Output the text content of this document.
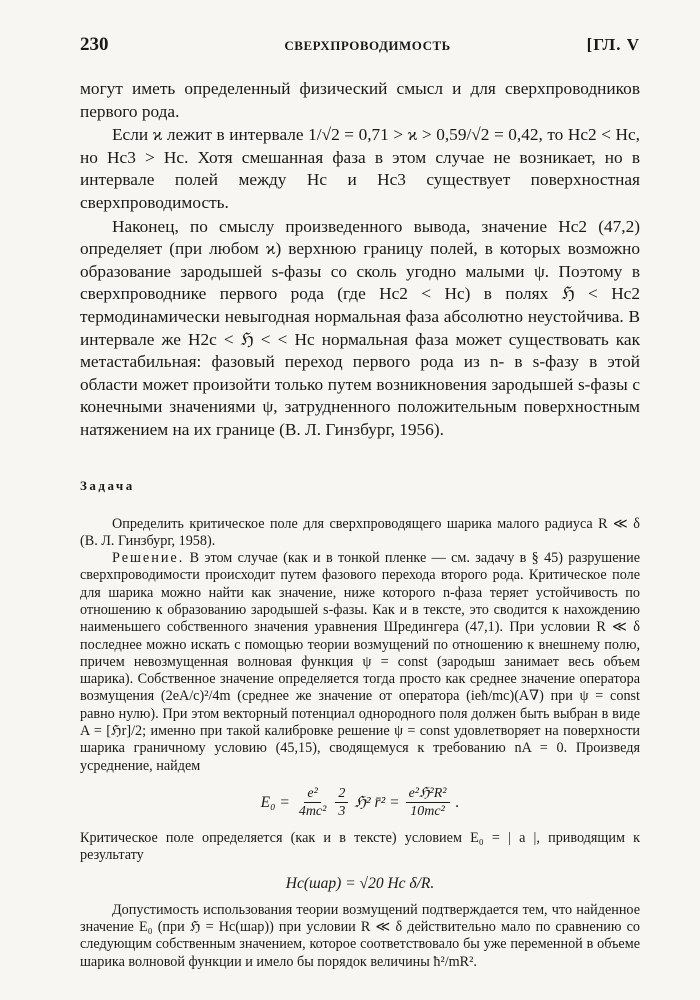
230	СВЕРХПРОВОДИМОСТЬ	[ГЛ. V

могут иметь определенный физический смысл и для сверхпроводников первого рода.

Если ϰ лежит в интервале 1/√2 = 0,71 > ϰ > 0,59/√2 = 0,42, то Hc2 < Hc, но Hc3 > Hc. Хотя смешанная фаза в этом случае не возникает, но в интервале полей между Hc и Hc3 существует поверхностная сверхпроводимость.

Наконец, по смыслу произведенного вывода, значение Hc2 (47,2) определяет (при любом ϰ) верхнюю границу полей, в которых возможно образование зародышей s-фазы со сколь угодно малыми ψ. Поэтому в сверхпроводнике первого рода (где Hc2 < Hc) в полях ℌ < Hc2 термодинамически невыгодная нормальная фаза абсолютно неустойчива. В интервале же H2c < ℌ < < Hc нормальная фаза может существовать как метастабильная: фазовый переход первого рода из n- в s-фазу в этой области может произойти только путем возникновения зародышей s-фазы с конечными значениями ψ, затрудненного положительным поверхностным натяжением на их границе (В. Л. Гинзбург, 1956).

Задача

Определить критическое поле для сверхпроводящего шарика малого радиуса R ≪ δ (В. Л. Гинзбург, 1958).

Решение. В этом случае (как и в тонкой пленке — см. задачу в § 45) разрушение сверхпроводимости происходит путем фазового перехода второго рода. Критическое поле для шарика можно найти как значение, ниже которого n-фаза теряет устойчивость по отношению к образованию зародышей s-фазы. Как и в тексте, это сводится к нахождению наименьшего собственного значения уравнения Шредингера (47,1). При условии R ≪ δ последнее можно искать с помощью теории возмущений по отношению к внешнему полю, причем невозмущенная волновая функция ψ = const (зародыш занимает весь объем шарика). Собственное значение определяется тогда просто как среднее значение оператора возмущения (2eA/c)²/4m (среднее же значение от оператора (ieħ/mc)(A∇) при ψ = const равно нулю). При этом векторный потенциал однородного поля должен быть выбран в виде A = [ℌr]/2; именно при такой калибровке решение ψ = const удовлетворяет на поверхности шарика граничному условию (45,15), сводящемуся к требованию nA = 0. Произведя усреднение, найдем

$E_0 = \frac{\text{e²}}{\text{4mc²}} \frac{2}{3}$ ℌ² r̄² = $\frac{\text{e²ℌ²R²}}{\text{10mc²}}$ .

Критическое поле определяется (как и в тексте) условием E₀ = | a |, приводящим к результату

Hc(шар) = √20 Hc δ/R.

Допустимость использования теории возмущений подтверждается тем, что найденное значение E₀ (при ℌ = Hc(шар)) при условии R ≪ δ действительно мало по сравнению со следующим собственным значением, которое соответствовало бы уже переменной в объеме шарика волновой функции и имело бы порядок величины ħ²/mR².
